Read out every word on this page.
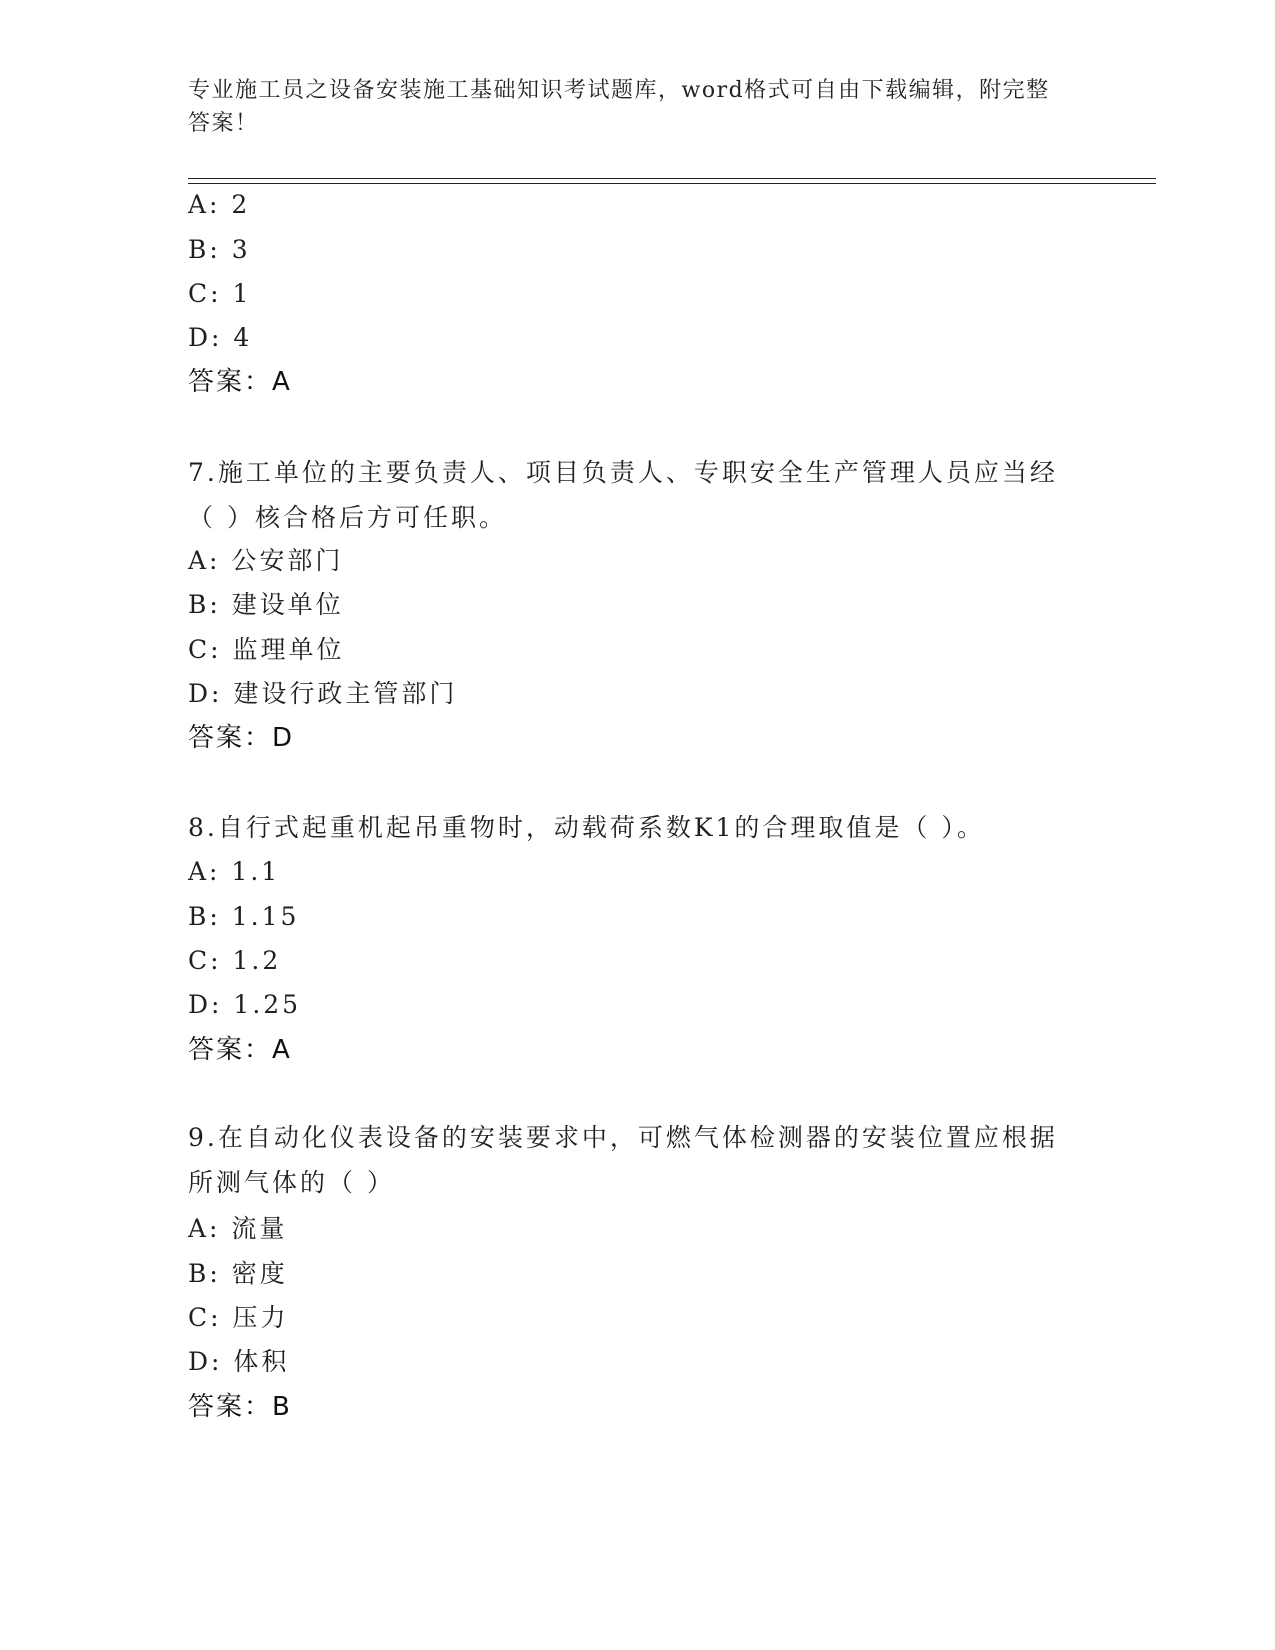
专业施工员之设备安装施工基础知识考试题库，word格式可自由下载编辑，附完整答案！
A: 2
B: 3
C: 1
D: 4
答案：A
7.施工单位的主要负责人、项目负责人、专职安全生产管理人员应当经（ ）核合格后方可任职。
A: 公安部门
B: 建设单位
C: 监理单位
D: 建设行政主管部门
答案：D
8.自行式起重机起吊重物时，动载荷系数K1的合理取值是（ ）。
A: 1.1
B: 1.15
C: 1.2
D: 1.25
答案：A
9.在自动化仪表设备的安装要求中，可燃气体检测器的安装位置应根据所测气体的（ ）
A: 流量
B: 密度
C: 压力
D: 体积
答案：B
